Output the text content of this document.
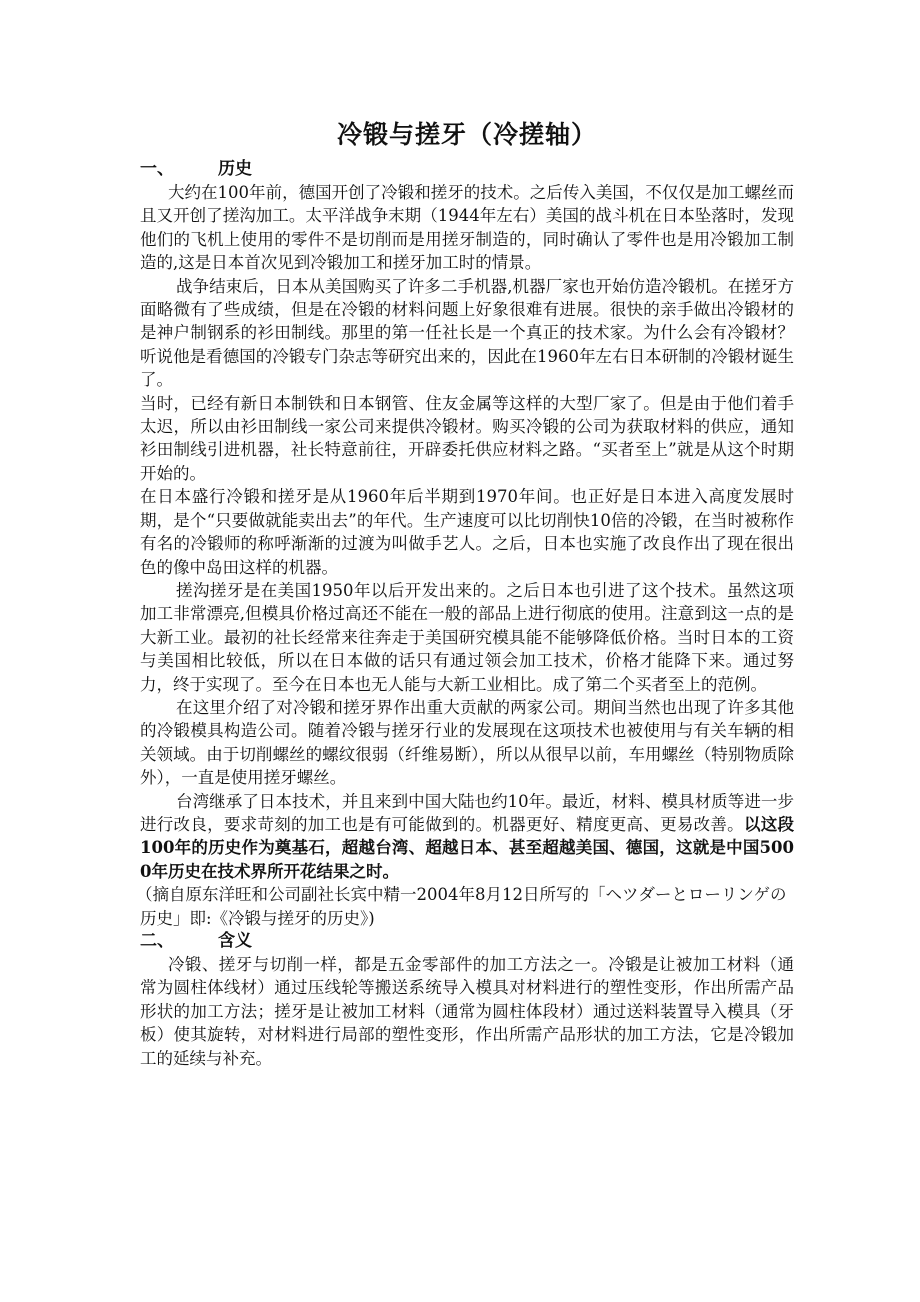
冷锻与搓牙（冷搓轴）
一、	历史

大约在100年前，德国开创了冷锻和搓牙的技术。之后传入美国，不仅仅是加工螺丝而且又开创了搓沟加工。太平洋战争末期（1944年左右）美国的战斗机在日本坠落时，发现他们的飞机上使用的零件不是切削而是用搓牙制造的，同时确认了零件也是用冷锻加工制造的,这是日本首次见到冷锻加工和搓牙加工时的情景。

战争结束后，日本从美国购买了许多二手机器,机器厂家也开始仿造冷锻机。在搓牙方面略微有了些成绩，但是在冷锻的材料问题上好象很难有进展。很快的亲手做出冷锻材的是神户制钢系的衫田制线。那里的第一任社长是一个真正的技术家。为什么会有冷锻材？听说他是看德国的冷锻专门杂志等研究出来的，因此在1960年左右日本研制的冷锻材诞生了。

当时，已经有新日本制铁和日本钢管、住友金属等这样的大型厂家了。但是由于他们着手太迟，所以由衫田制线一家公司来提供冷锻材。购买冷锻的公司为获取材料的供应，通知衫田制线引进机器，社长特意前往，开辟委托供应材料之路。“买者至上”就是从这个时期开始的。

在日本盛行冷锻和搓牙是从1960年后半期到1970年间。也正好是日本进入高度发展时期，是个“只要做就能卖出去”的年代。生产速度可以比切削快10倍的冷锻，在当时被称作有名的冷锻师的称呼渐渐的过渡为叫做手艺人。之后，日本也实施了改良作出了现在很出色的像中岛田这样的机器。

搓沟搓牙是在美国1950年以后开发出来的。之后日本也引进了这个技术。虽然这项加工非常漂亮,但模具价格过高还不能在一般的部品上进行彻底的使用。注意到这一点的是大新工业。最初的社长经常来往奔走于美国研究模具能不能够降低价格。当时日本的工资与美国相比较低，所以在日本做的话只有通过领会加工技术，价格才能降下来。通过努力，终于实现了。至今在日本也无人能与大新工业相比。成了第二个买者至上的范例。

在这里介绍了对冷锻和搓牙界作出重大贡献的两家公司。期间当然也出现了许多其他的冷锻模具构造公司。随着冷锻与搓牙行业的发展现在这项技术也被使用与有关车辆的相关领域。由于切削螺丝的螺纹很弱（纤维易断），所以从很早以前，车用螺丝（特别物质除外），一直是使用搓牙螺丝。

台湾继承了日本技术，并且来到中国大陆也约10年。最近，材料、模具材质等进一步进行改良，要求苛刻的加工也是有可能做到的。机器更好、精度更高、更易改善。以这段100年的历史作为奠基石，超越台湾、超越日本、甚至超越美国、德国，这就是中国5000年历史在技术界所开花结果之时。

（摘自原东洋旺和公司副社长宾中精一2004年8月12日所写的「ヘツダーとローリンゲの历史」即:《冷锻与搓牙的历史》)

二、	含义

冷锻、搓牙与切削一样，都是五金零部件的加工方法之一。冷锻是让被加工材料（通常为圆柱体线材）通过压线轮等搬送系统导入模具对材料进行的塑性变形，作出所需产品形状的加工方法；搓牙是让被加工材料（通常为圆柱体段材）通过送料装置导入模具（牙板）使其旋转，对材料进行局部的塑性变形，作出所需产品形状的加工方法，它是冷锻加工的延续与补充。
